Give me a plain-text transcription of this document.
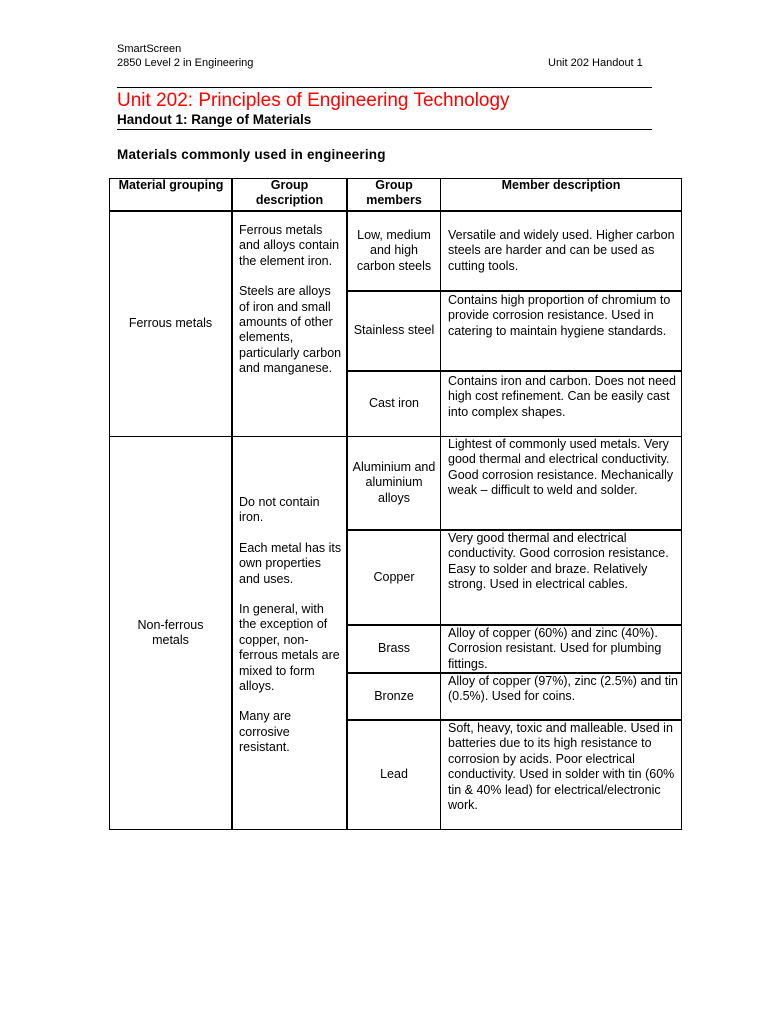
SmartScreen
2850 Level 2 in Engineering	Unit 202 Handout 1
Unit 202: Principles of Engineering Technology
Handout 1: Range of Materials
Materials commonly used in engineering
Material grouping	Group description
Group members
Member description
Ferrous metals

Ferrous metals and alloys contain the element iron.

Steels are alloys of iron and small amounts of other elements, particularly carbon and manganese.

Low, medium and high carbon steels
Versatile and widely used. Higher carbon steels are harder and can be used as cutting tools.
Stainless steel
Contains high proportion of chromium to provide corrosion resistance. Used in catering to maintain hygiene standards.
Cast iron
Contains iron and carbon. Does not need high cost refinement. Can be easily cast into complex shapes.
Non-ferrous metals

Do not contain iron.

Each metal has its own properties and uses.

In general, with the exception of copper, non-ferrous metals are mixed to form alloys.

Many are corrosive resistant.

Aluminium and aluminium alloys
Lightest of commonly used metals. Very good thermal and electrical conductivity. Good corrosion resistance. Mechanically weak – difficult to weld and solder.
Copper
Very good thermal and electrical conductivity. Good corrosion resistance. Easy to solder and braze. Relatively strong. Used in electrical cables.
Brass
Alloy of copper (60%) and zinc (40%). Corrosion resistant. Used for plumbing fittings.
Bronze
Alloy of copper (97%), zinc (2.5%) and tin (0.5%). Used for coins.
Lead
Soft, heavy, toxic and malleable. Used in batteries due to its high resistance to corrosion by acids. Poor electrical conductivity. Used in solder with tin (60% tin & 40% lead) for electrical/electronic work.
